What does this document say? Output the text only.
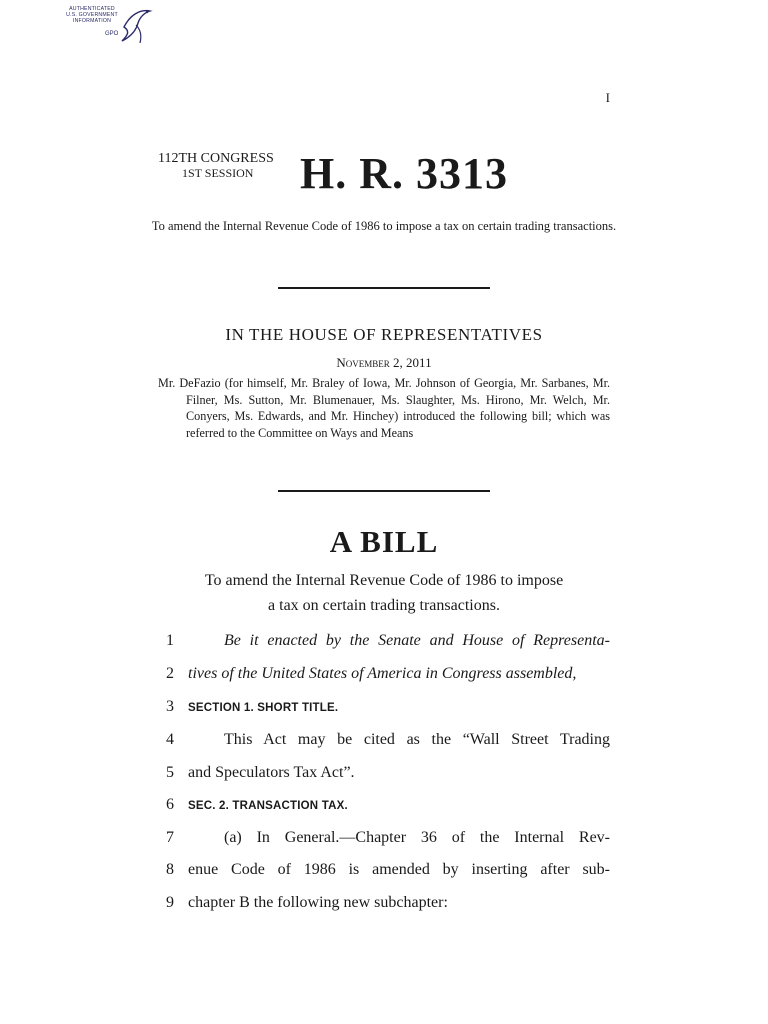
AUTHENTICATED
U.S. GOVERNMENT
INFORMATION
GPO
I
112TH CONGRESS
1ST SESSION H. R. 3313
To amend the Internal Revenue Code of 1986 to impose a tax on certain trading transactions.
IN THE HOUSE OF REPRESENTATIVES
November 2, 2011

Mr. DeFazio (for himself, Mr. Braley of Iowa, Mr. Johnson of Georgia, Mr. Sarbanes, Mr. Filner, Ms. Sutton, Mr. Blumenauer, Ms. Slaughter, Ms. Hirono, Mr. Welch, Mr. Conyers, Ms. Edwards, and Mr. Hinchey) introduced the following bill; which was referred to the Committee on Ways and Means

A BILL
To amend the Internal Revenue Code of 1986 to impose
a tax on certain trading transactions.
1	Be it enacted by the Senate and House of Representa-
2 tives of the United States of America in Congress assembled,
3	SECTION 1. SHORT TITLE.
4	This Act may be cited as the “Wall Street Trading
5 and Speculators Tax Act”.
6	SEC. 2. TRANSACTION TAX.
7	(a) In General.—Chapter 36 of the Internal Rev-
8 enue Code of 1986 is amended by inserting after sub-
9 chapter B the following new subchapter:
